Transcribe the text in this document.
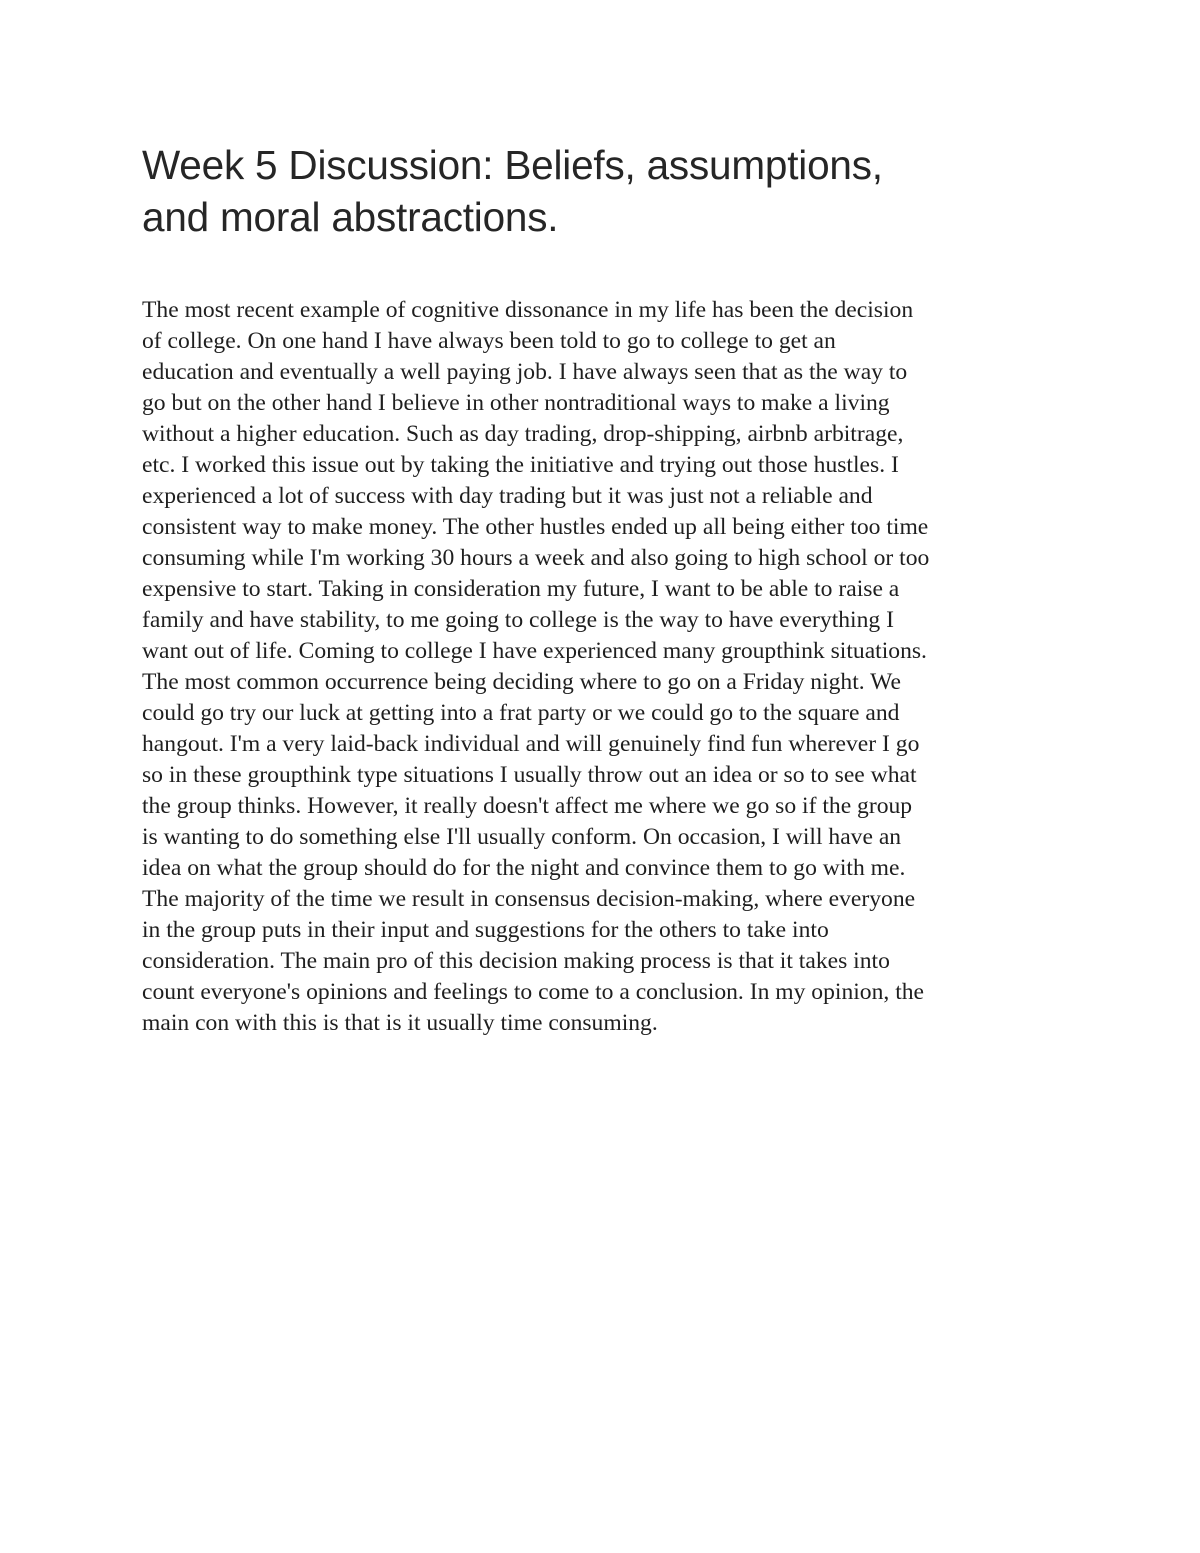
Week 5 Discussion: Beliefs, assumptions,
and moral abstractions.

The most recent example of cognitive dissonance in my life has been the decision
of college. On one hand I have always been told to go to college to get an
education and eventually a well paying job. I have always seen that as the way to
go but on the other hand I believe in other nontraditional ways to make a living
without a higher education. Such as day trading, drop-shipping, airbnb arbitrage,
etc. I worked this issue out by taking the initiative and trying out those hustles. I
experienced a lot of success with day trading but it was just not a reliable and
consistent way to make money. The other hustles ended up all being either too time
consuming while I'm working 30 hours a week and also going to high school or too
expensive to start. Taking in consideration my future, I want to be able to raise a
family and have stability, to me going to college is the way to have everything I
want out of life. Coming to college I have experienced many groupthink situations.
The most common occurrence being deciding where to go on a Friday night. We
could go try our luck at getting into a frat party or we could go to the square and
hangout. I'm a very laid-back individual and will genuinely find fun wherever I go
so in these groupthink type situations I usually throw out an idea or so to see what
the group thinks. However, it really doesn't affect me where we go so if the group
is wanting to do something else I'll usually conform. On occasion, I will have an
idea on what the group should do for the night and convince them to go with me.
The majority of the time we result in consensus decision-making, where everyone
in the group puts in their input and suggestions for the others to take into
consideration. The main pro of this decision making process is that it takes into
count everyone's opinions and feelings to come to a conclusion. In my opinion, the
main con with this is that is it usually time consuming.
